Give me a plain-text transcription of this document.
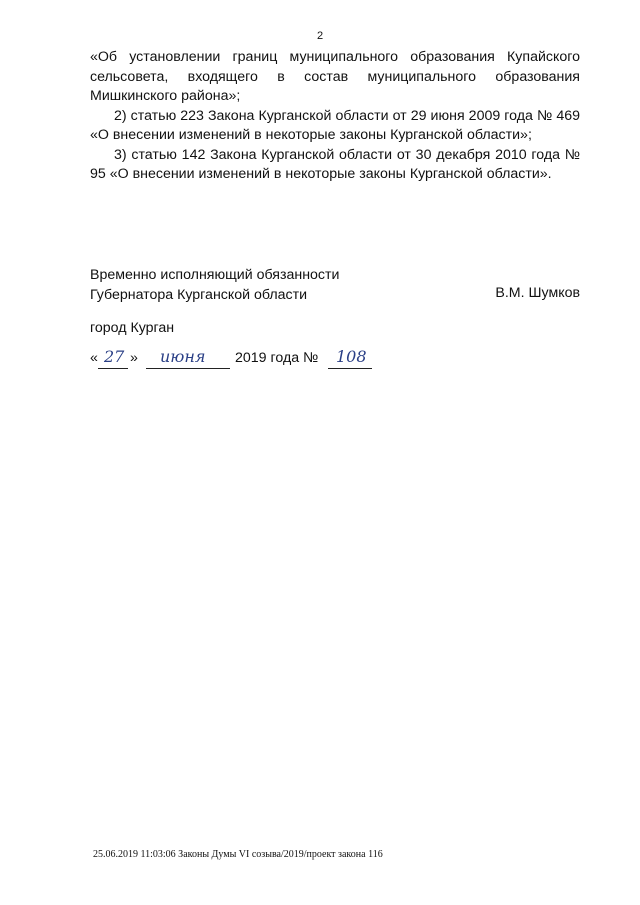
2

«Об установлении границ муниципального образования Купайского сельсовета, входящего в состав муниципального образования Мишкинского района»;

2) статью 223 Закона Курганской области от 29 июня 2009 года № 469 «О внесении изменений в некоторые законы Курганской области»;

3) статью 142 Закона Курганской области от 30 декабря 2010 года № 95 «О внесении изменений в некоторые законы Курганской области».

Временно исполняющий обязанности
Губернатора Курганской области	В.М. Шумков
город Курган
« 27 » июня 2019 года № 108
25.06.2019 11:03:06 Законы Думы VI созыва/2019/проект закона 116
